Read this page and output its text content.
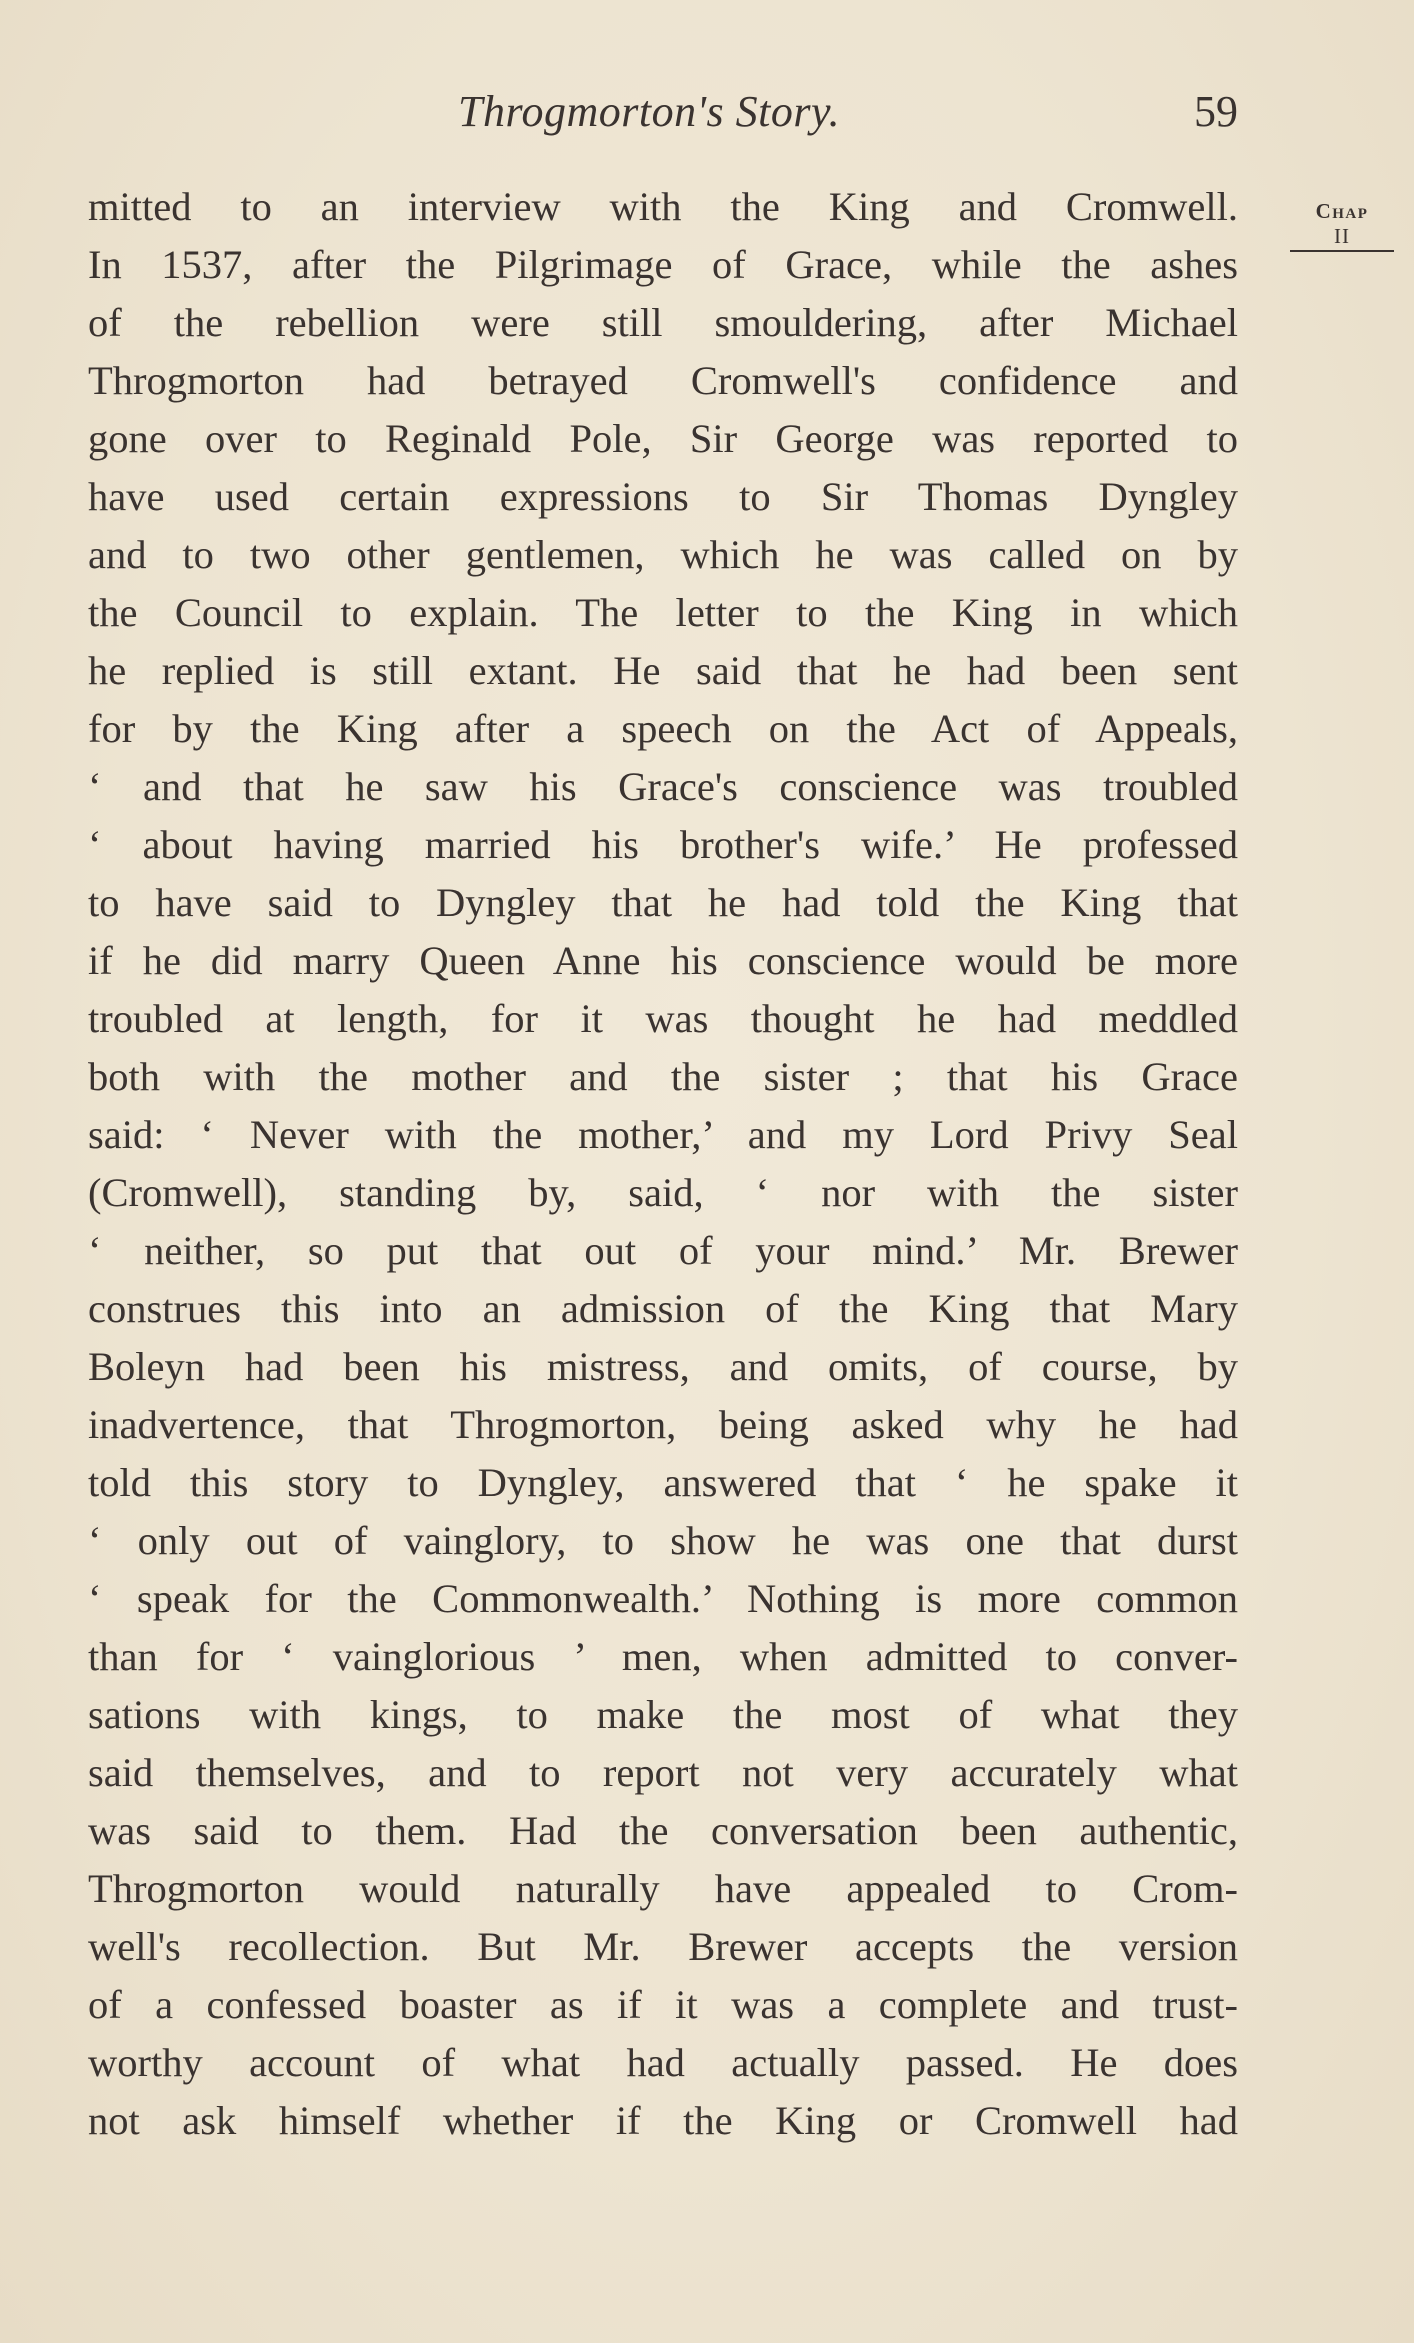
Throgmorton's Story.	59
Chap
II
mitted to an interview with the King and Cromwell.
In 1537, after the Pilgrimage of Grace, while the ashes
of the rebellion were still smouldering, after Michael
Throgmorton had betrayed Cromwell's confidence and
gone over to Reginald Pole, Sir George was reported to
have used certain expressions to Sir Thomas Dyngley
and to two other gentlemen, which he was called on by
the Council to explain. The letter to the King in which
he replied is still extant. He said that he had been sent
for by the King after a speech on the Act of Appeals,
‘ and that he saw his Grace's conscience was troubled
‘ about having married his brother's wife.’ He professed
to have said to Dyngley that he had told the King that
if he did marry Queen Anne his conscience would be more
troubled at length, for it was thought he had meddled
both with the mother and the sister ; that his Grace
said: ‘ Never with the mother,’ and my Lord Privy Seal
(Cromwell), standing by, said, ‘ nor with the sister
‘ neither, so put that out of your mind.’ Mr. Brewer
construes this into an admission of the King that Mary
Boleyn had been his mistress, and omits, of course, by
inadvertence, that Throgmorton, being asked why he had
told this story to Dyngley, answered that ‘ he spake it
‘ only out of vainglory, to show he was one that durst
‘ speak for the Commonwealth.’ Nothing is more common
than for ‘ vainglorious ’ men, when admitted to conver-
sations with kings, to make the most of what they
said themselves, and to report not very accurately what
was said to them. Had the conversation been authentic,
Throgmorton would naturally have appealed to Crom-
well's recollection. But Mr. Brewer accepts the version
of a confessed boaster as if it was a complete and trust-
worthy account of what had actually passed. He does
not ask himself whether if the King or Cromwell had
